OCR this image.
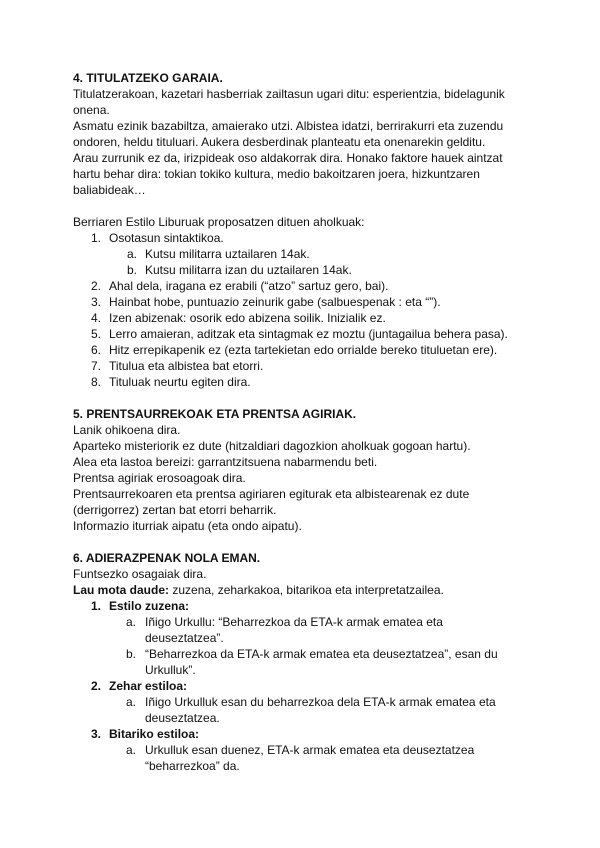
4. TITULATZEKO GARAIA.
Titulatzerakoan, kazetari hasberriak zailtasun ugari ditu: esperientzia, bidelagunik
onena.
Asmatu ezinik bazabiltza, amaierako utzi. Albistea idatzi, berrirakurri eta zuzendu
ondoren, heldu tituluari. Aukera desberdinak planteatu eta onenarekin gelditu.
Arau zurrunik ez da, irizpideak oso aldakorrak dira. Honako faktore hauek aintzat
hartu behar dira: tokian tokiko kultura, medio bakoitzaren joera, hizkuntzaren
baliabideak…
Berriaren Estilo Liburuak proposatzen dituen aholkuak:
1. Osotasun sintaktikoa.
a. Kutsu militarra uztailaren 14ak.
b. Kutsu militarra izan du uztailaren 14ak.
2. Ahal dela, iragana ez erabili (“atzo” sartuz gero, bai).
3. Hainbat hobe, puntuazio zeinurik gabe (salbuespenak : eta “”).
4. Izen abizenak: osorik edo abizena soilik. Inizialik ez.
5. Lerro amaieran, aditzak eta sintagmak ez moztu (juntagailua behera pasa).
6. Hitz errepikapenik ez (ezta tartekietan edo orrialde bereko tituluetan ere).
7. Titulua eta albistea bat etorri.
8. Tituluak neurtu egiten dira.
5. PRENTSAURREKOAK ETA PRENTSA AGIRIAK.
Lanik ohikoena dira.
Aparteko misteriorik ez dute (hitzaldiari dagozkion aholkuak gogoan hartu).
Alea eta lastoa bereizi: garrantzitsuena nabarmendu beti.
Prentsa agiriak erosoagoak dira.
Prentsaurrekoaren eta prentsa agiriaren egiturak eta albistearenak ez dute
(derrigorrez) zertan bat etorri beharrik.
Informazio iturriak aipatu (eta ondo aipatu).
6. ADIERAZPENAK NOLA EMAN.
Funtsezko osagaiak dira.
Lau mota daude: zuzena, zeharkakoa, bitarikoa eta interpretatzailea.
1. Estilo zuzena:
a. Iñigo Urkullu: “Beharrezkoa da ETA-k armak ematea eta
deuseztatzea”.
b. “Beharrezkoa da ETA-k armak ematea eta deuseztatzea”, esan du
Urkulluk”.
2. Zehar estiloa:
a. Iñigo Urkulluk esan du beharrezkoa dela ETA-k armak ematea eta
deuseztatzea.
3. Bitariko estiloa:
a. Urkulluk esan duenez, ETA-k armak ematea eta deuseztatzea
“beharrezkoa” da.
